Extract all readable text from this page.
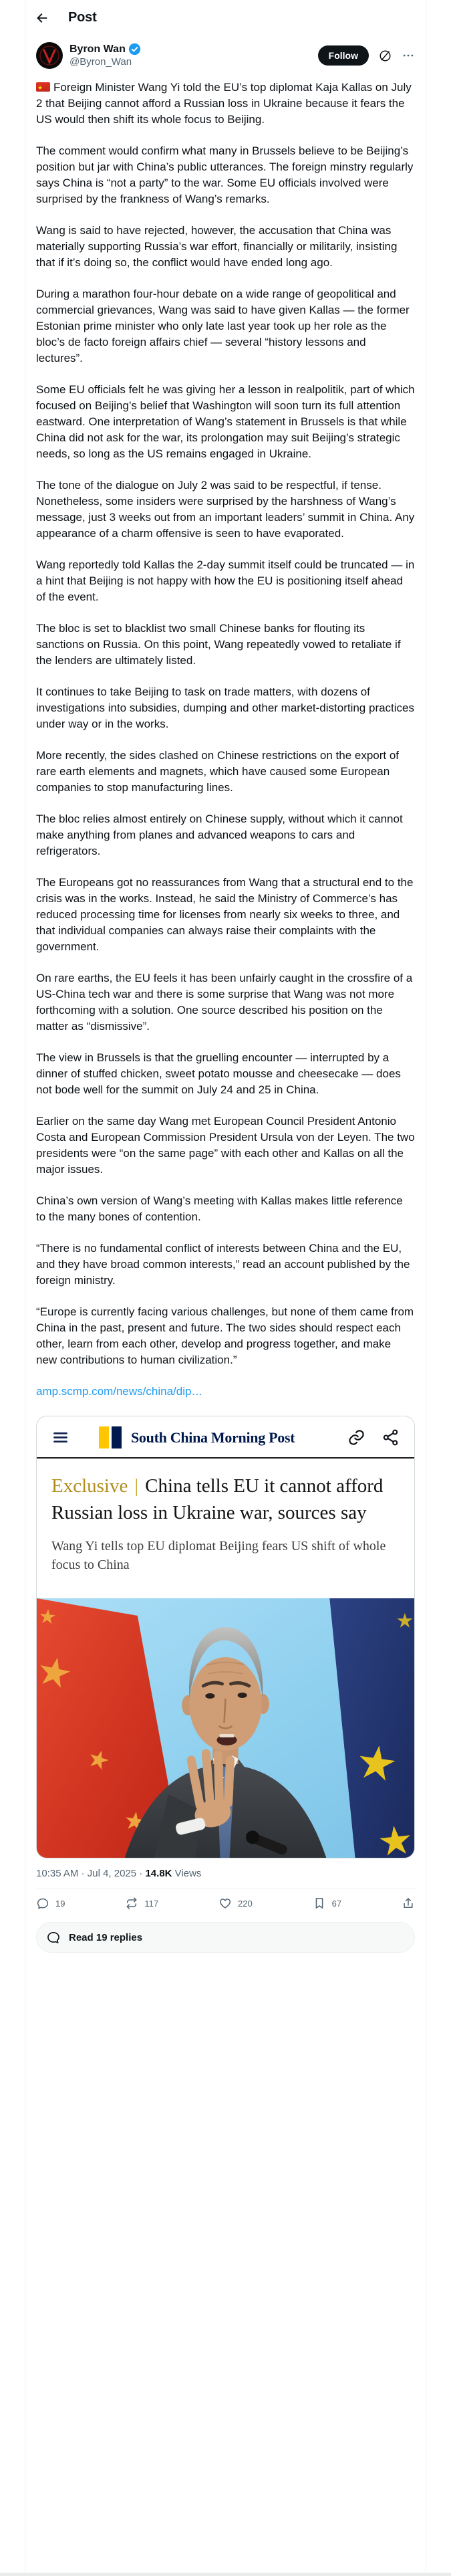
Post
Byron Wan
@Byron_Wan
Follow

★Foreign Minister Wang Yi told the EU’s top diplomat Kaja Kallas on July 2 that Beijing cannot afford a Russian loss in Ukraine because it fears the US would then shift its whole focus to Beijing.

The comment would confirm what many in Brussels believe to be Beijing’s position but jar with China’s public utterances. The foreign minstry regularly says China is “not a party” to the war. Some EU officials involved were surprised by the frankness of Wang’s remarks.

Wang is said to have rejected, however, the accusation that China was materially supporting Russia’s war effort, financially or militarily, insisting that if it’s doing so, the conflict would have ended long ago.

During a marathon four-hour debate on a wide range of geopolitical and commercial grievances, Wang was said to have given Kallas — the former Estonian prime minister who only late last year took up her role as the bloc’s de facto foreign affairs chief — several “history lessons and lectures”.

Some EU officials felt he was giving her a lesson in realpolitik, part of which focused on Beijing’s belief that Washington will soon turn its full attention eastward. One interpretation of Wang’s statement in Brussels is that while China did not ask for the war, its prolongation may suit Beijing’s strategic needs, so long as the US remains engaged in Ukraine.

The tone of the dialogue on July 2 was said to be respectful, if tense. Nonetheless, some insiders were surprised by the harshness of Wang’s message, just 3 weeks out from an important leaders’ summit in China. Any appearance of a charm offensive is seen to have evaporated.

Wang reportedly told Kallas the 2-day summit itself could be truncated — in a hint that Beijing is not happy with how the EU is positioning itself ahead of the event.

The bloc is set to blacklist two small Chinese banks for flouting its sanctions on Russia. On this point, Wang repeatedly vowed to retaliate if the lenders are ultimately listed.

It continues to take Beijing to task on trade matters, with dozens of investigations into subsidies, dumping and other market-distorting practices under way or in the works.

More recently, the sides clashed on Chinese restrictions on the export of rare earth elements and magnets, which have caused some European companies to stop manufacturing lines.

The bloc relies almost entirely on Chinese supply, without which it cannot make anything from planes and advanced weapons to cars and refrigerators.

The Europeans got no reassurances from Wang that a structural end to the crisis was in the works. Instead, he said the Ministry of Commerce’s has reduced processing time for licenses from nearly six weeks to three, and that individual companies can always raise their complaints with the government.

On rare earths, the EU feels it has been unfairly caught in the crossfire of a US-China tech war and there is some surprise that Wang was not more forthcoming with a solution. One source described his position on the matter as “dismissive”.

The view in Brussels is that the gruelling encounter — interrupted by a dinner of stuffed chicken, sweet potato mousse and cheesecake — does not bode well for the summit on July 24 and 25 in China.

Earlier on the same day Wang met European Council President Antonio Costa and European Commission President Ursula von der Leyen. The two presidents were “on the same page” with each other and Kallas on all the major issues.

China’s own version of Wang’s meeting with Kallas makes little reference to the many bones of contention.

“There is no fundamental conflict of interests between China and the EU, and they have broad common interests,” read an account published by the foreign ministry.

“Europe is currently facing various challenges, but none of them came from China in the past, present and future. The two sides should respect each other, learn from each other, develop and progress together, and make new contributions to human civilization.”

amp.scmp.com/news/china/dip…
South China Morning Post
Exclusive | China tells EU it cannot afford Russian loss in Ukraine war, sources say

Wang Yi tells top EU diplomat Beijing fears US shift of whole focus to China

10:35 AM · Jul 4, 2025 · 14.8K Views
19	117	220	67
Read 19 replies
